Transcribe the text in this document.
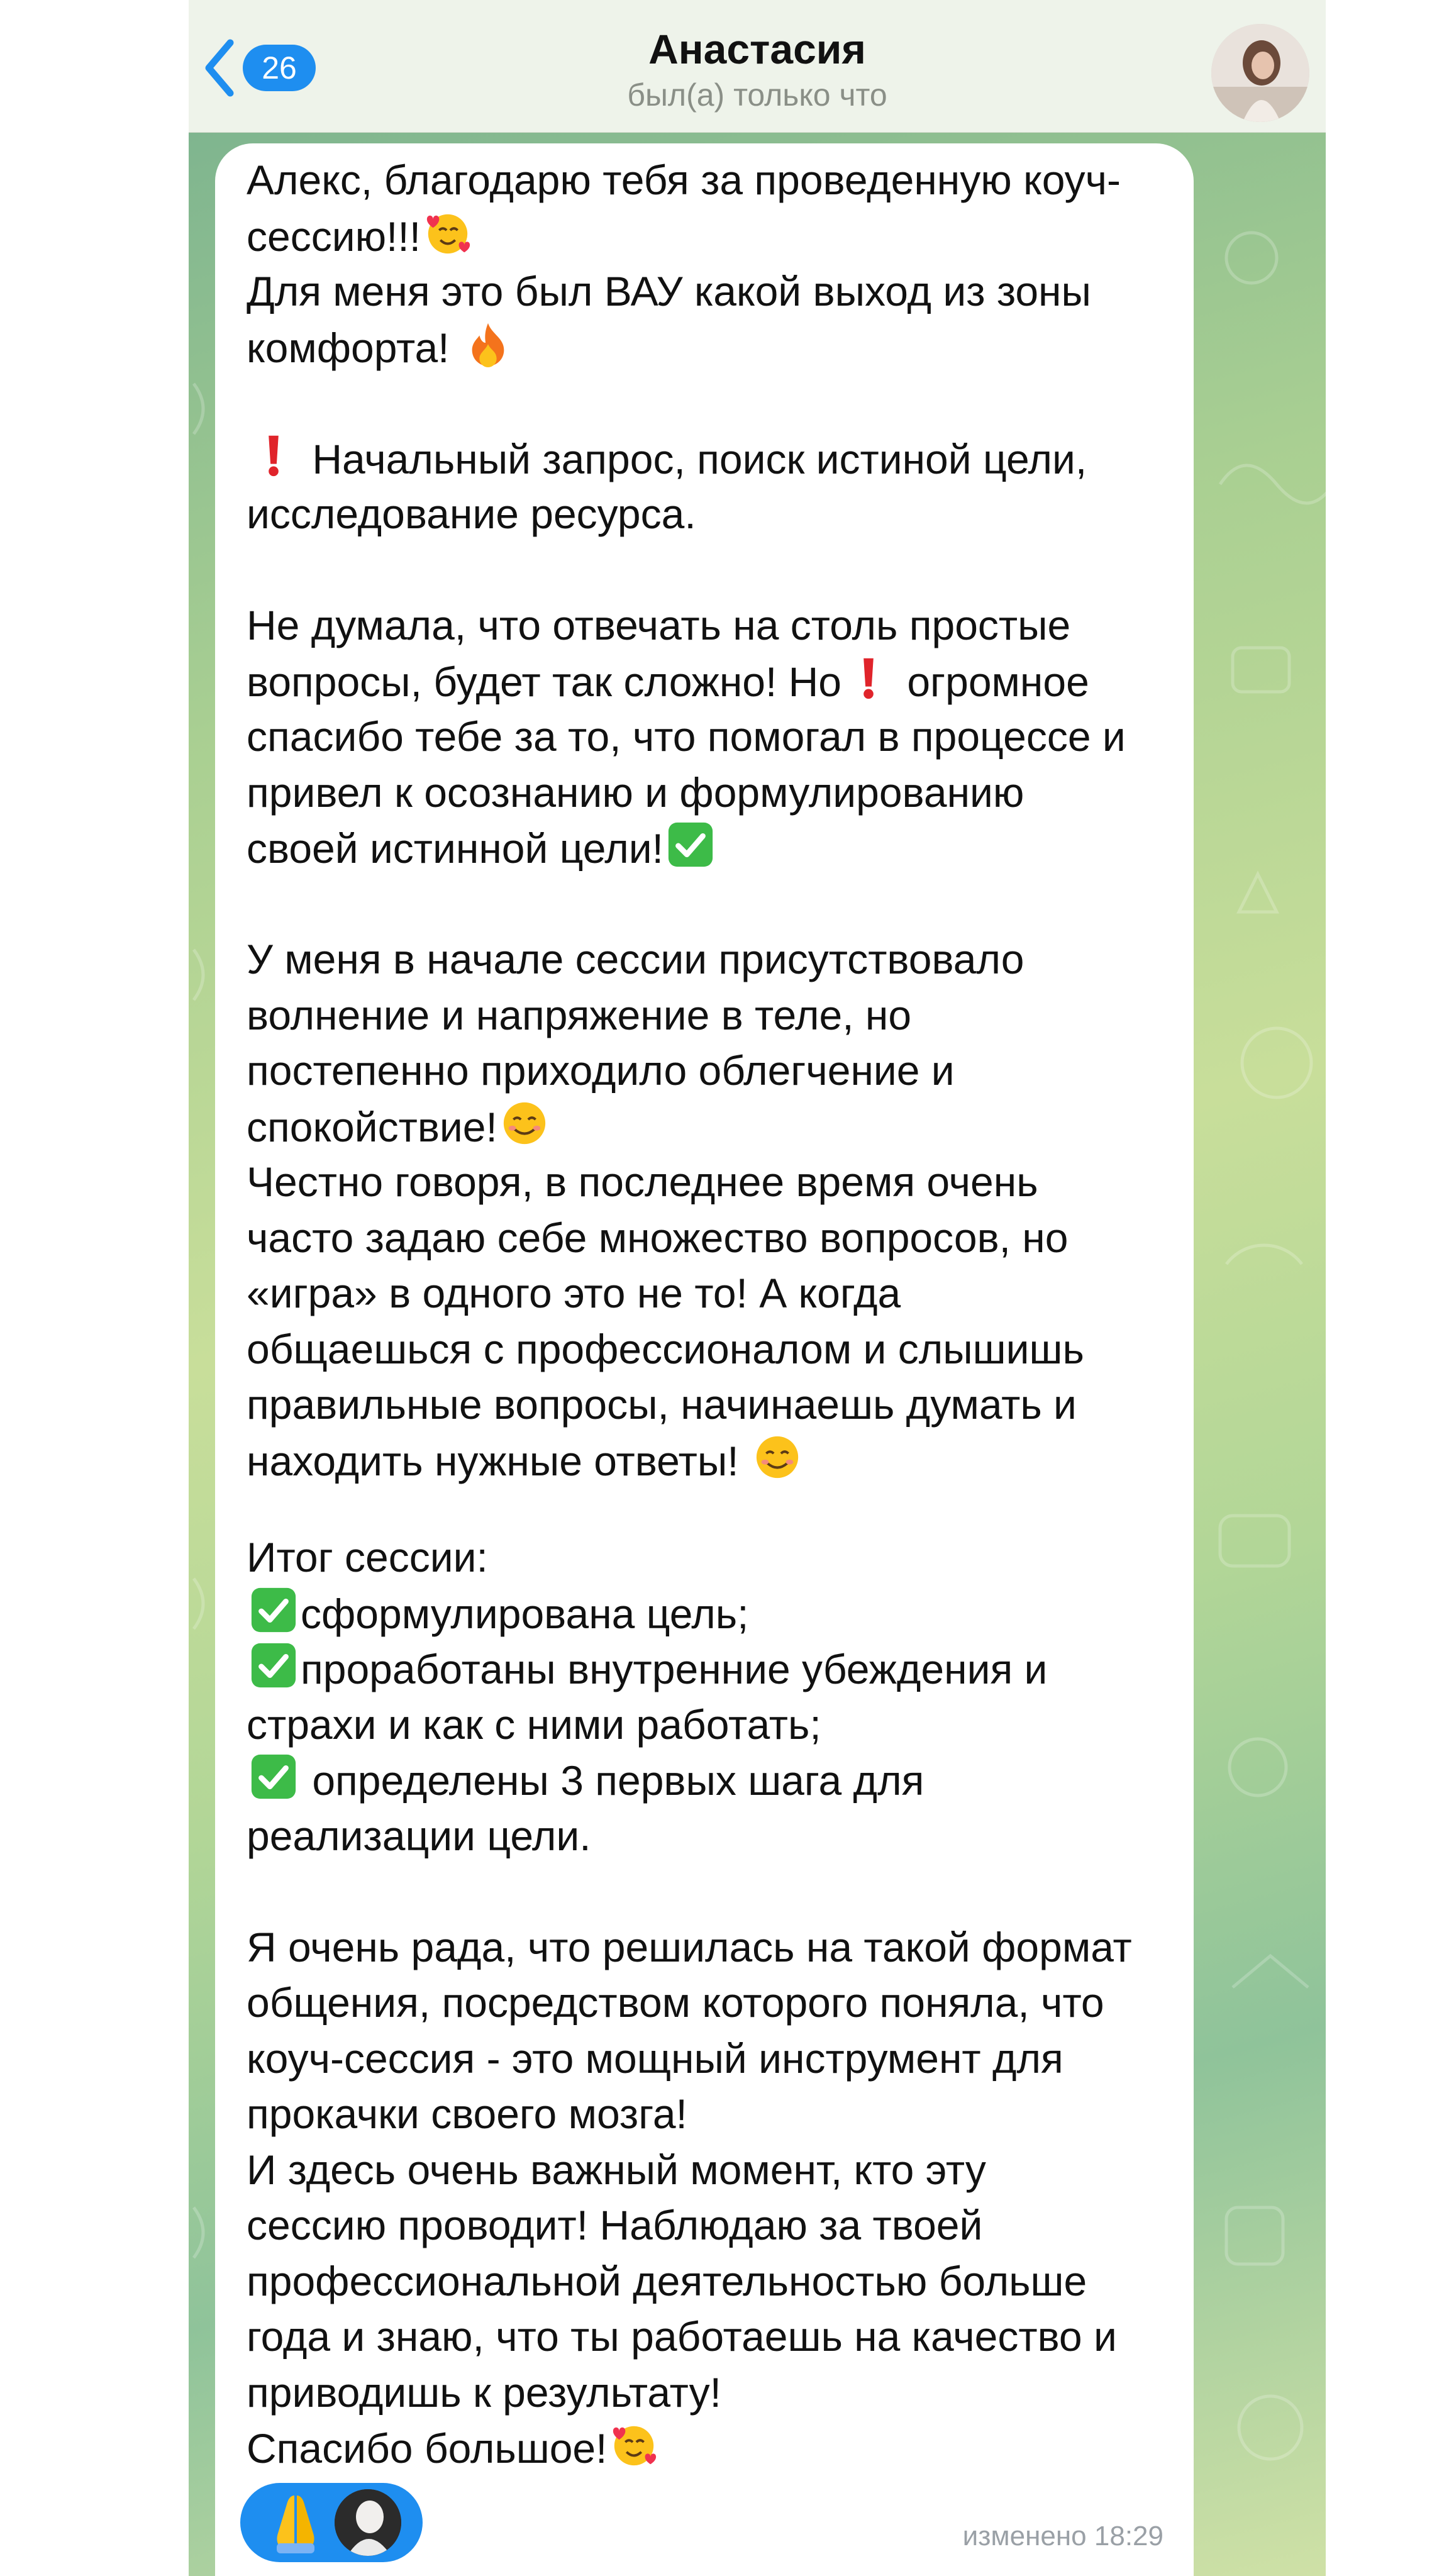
26	Анастасия
был(а) только что
Алекс, благодарю тебя за проведенную коуч-
сессию!!!
Для меня это был ВАУ какой выход из зоны
комфорта!
Начальный запрос, поиск истиной цели,
исследование ресурса.
Не думала, что отвечать на столь простые
вопросы, будет так сложно! Но огромное
спасибо тебе за то, что помогал в процессе и
привел к осознанию и формулированию
своей истинной цели!
У меня в начале сессии присутствовало
волнение и напряжение в теле, но
постепенно приходило облегчение и
спокойствие!
Честно говоря, в последнее время очень
часто задаю себе множество вопросов, но
«игра» в одного это не то! А когда
общаешься с профессионалом и слышишь
правильные вопросы, начинаешь думать и
находить нужные ответы!
Итог сессии:
сформулирована цель;
проработаны внутренние убеждения и
страхи и как с ними работать;
определены 3 первых шага для
реализации цели.
Я очень рада, что решилась на такой формат
общения, посредством которого поняла, что
коуч-сессия - это мощный инструмент для
прокачки своего мозга!
И здесь очень важный момент, кто эту
сессию проводит! Наблюдаю за твоей
профессиональной деятельностью больше
года и знаю, что ты работаешь на качество и
приводишь к результату!
Спасибо большое!
изменено 18:29
